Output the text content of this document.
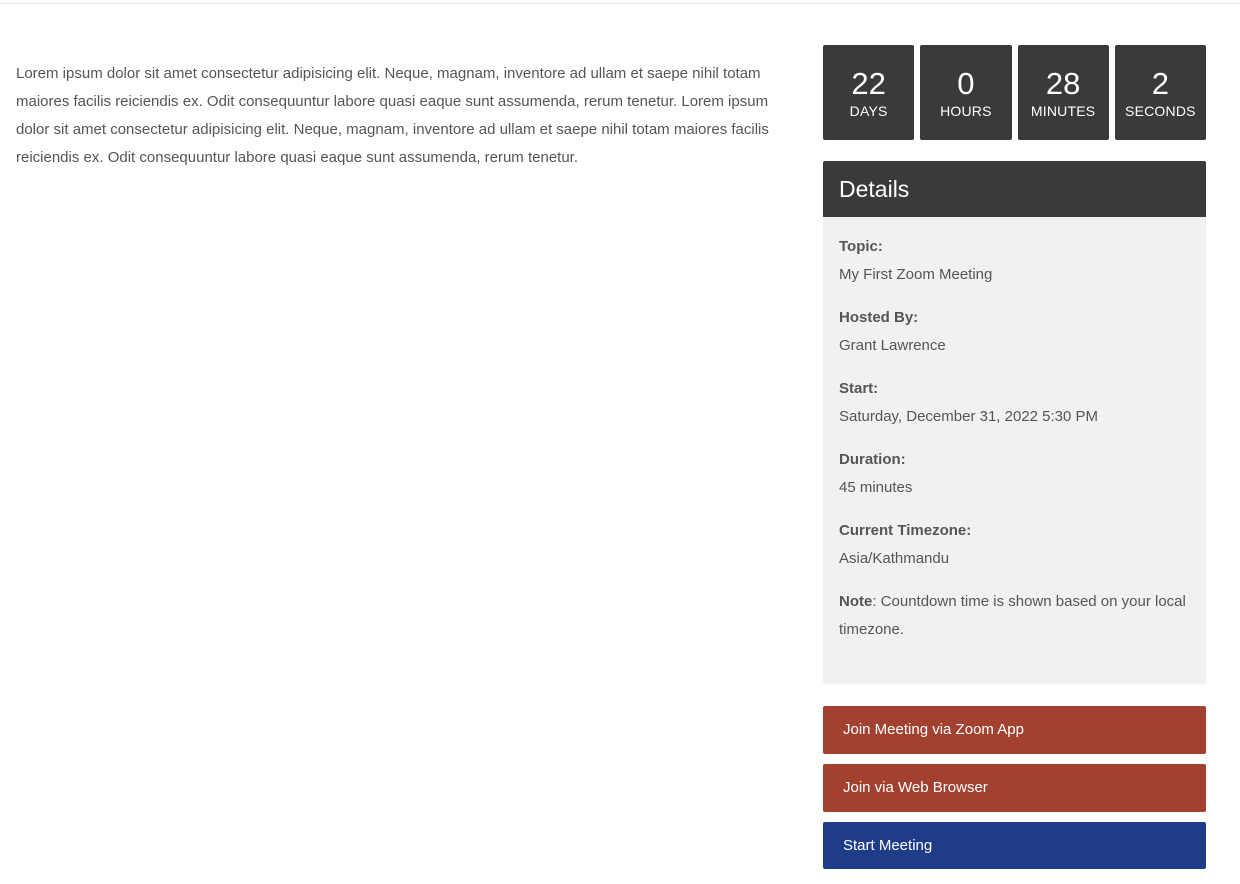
Lorem ipsum dolor sit amet consectetur adipisicing elit. Neque, magnam, inventore ad ullam et saepe nihil totam maiores facilis reiciendis ex. Odit consequuntur labore quasi eaque sunt assumenda, rerum tenetur. Lorem ipsum dolor sit amet consectetur adipisicing elit. Neque, magnam, inventore ad ullam et saepe nihil totam maiores facilis reiciendis ex. Odit consequuntur labore quasi eaque sunt assumenda, rerum tenetur.

22
DAYS
0
HOURS
28
MINUTES
2
SECONDS
Details
Topic:
My First Zoom Meeting
Hosted By:
Grant Lawrence
Start:
Saturday, December 31, 2022 5:30 PM
Duration:
45 minutes
Current Timezone:
Asia/Kathmandu
Note: Countdown time is shown based on your local timezone.
Join Meeting via Zoom App
Join via Web Browser
Start Meeting
